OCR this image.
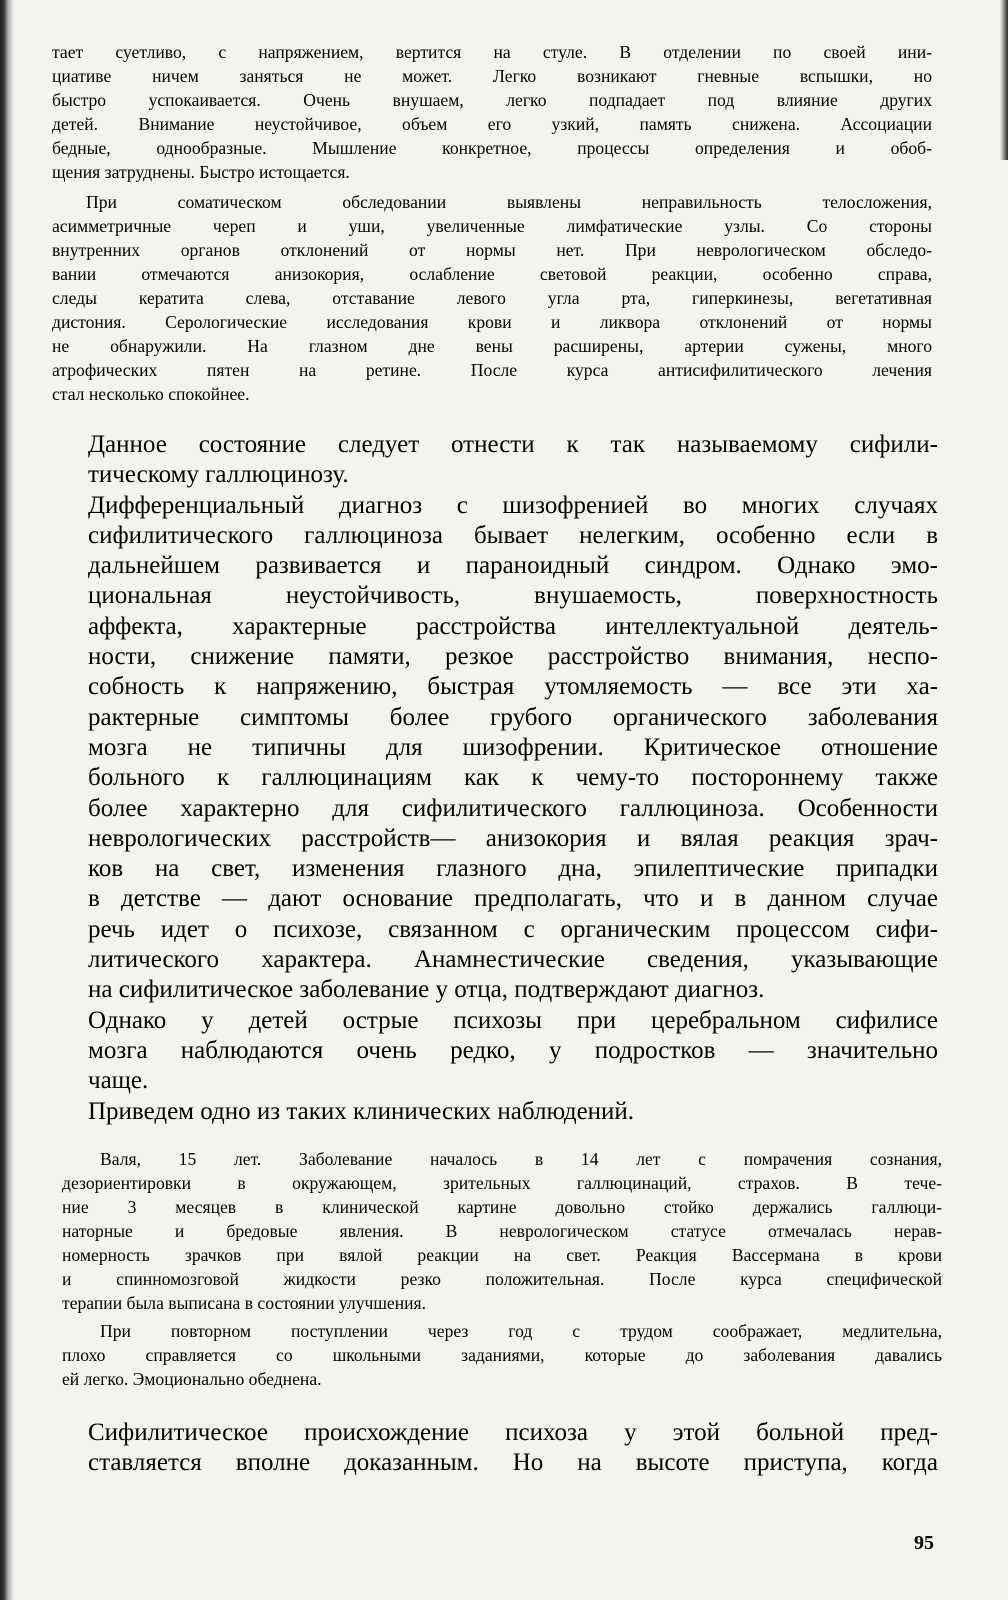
тает суетливо, с напряжением, вертится на стуле. В отделении по своей ини-
циативе ничем заняться не может. Легко возникают гневные вспышки, но
быстро успокаивается. Очень внушаем, легко подпадает под влияние других
детей. Внимание неустойчивое, объем его узкий, память снижена. Ассоциации
бедные, однообразные. Мышление конкретное, процессы определения и обоб-
щения затруднены. Быстро истощается.

При соматическом обследовании выявлены неправильность телосложения,
асимметричные череп и уши, увеличенные лимфатические узлы. Со стороны
внутренних органов отклонений от нормы нет. При неврологическом обследо-
вании отмечаются анизокория, ослабление световой реакции, особенно справа,
следы кератита слева, отставание левого угла рта, гиперкинезы, вегетативная
дистония. Серологические исследования крови и ликвора отклонений от нормы
не обнаружили. На глазном дне вены расширены, артерии сужены, много
атрофических пятен на ретине. После курса антисифилитического лечения
стал несколько спокойнее.

Данное состояние следует отнести к так называемому сифили-
тическому галлюцинозу.

Дифференциальный диагноз с шизофренией во многих случаях
сифилитического галлюциноза бывает нелегким, особенно если в
дальнейшем развивается и параноидный синдром. Однако эмо-
циональная неустойчивость, внушаемость, поверхностность
аффекта, характерные расстройства интеллектуальной деятель-
ности, снижение памяти, резкое расстройство внимания, неспо-
собность к напряжению, быстрая утомляемость — все эти ха-
рактерные симптомы более грубого органического заболевания
мозга не типичны для шизофрении. Критическое отношение
больного к галлюцинациям как к чему-то постороннему также
более характерно для сифилитического галлюциноза. Особенности
неврологических расстройств— анизокория и вялая реакция зрач-
ков на свет, изменения глазного дна, эпилептические припадки
в детстве — дают основание предполагать, что и в данном случае
речь идет о психозе, связанном с органическим процессом сифи-
литического характера. Анамнестические сведения, указывающие
на сифилитическое заболевание у отца, подтверждают диагноз.

Однако у детей острые психозы при церебральном сифилисе
мозга наблюдаются очень редко, у подростков — значительно
чаще.

Приведем одно из таких клинических наблюдений.

Валя, 15 лет. Заболевание началось в 14 лет с помрачения сознания,
дезориентировки в окружающем, зрительных галлюцинаций, страхов. В тече-
ние 3 месяцев в клинической картине довольно стойко держались галлюци-
наторные и бредовые явления. В неврологическом статусе отмечалась нерав-
номерность зрачков при вялой реакции на свет. Реакция Вассермана в крови
и спинномозговой жидкости резко положительная. После курса специфической
терапии была выписана в состоянии улучшения.

При повторном поступлении через год с трудом соображает, медлительна,
плохо справляется со школьными заданиями, которые до заболевания давались
ей легко. Эмоционально обеднена.

Сифилитическое происхождение психоза у этой больной пред-
ставляется вполне доказанным. Но на высоте приступа, когда

95
